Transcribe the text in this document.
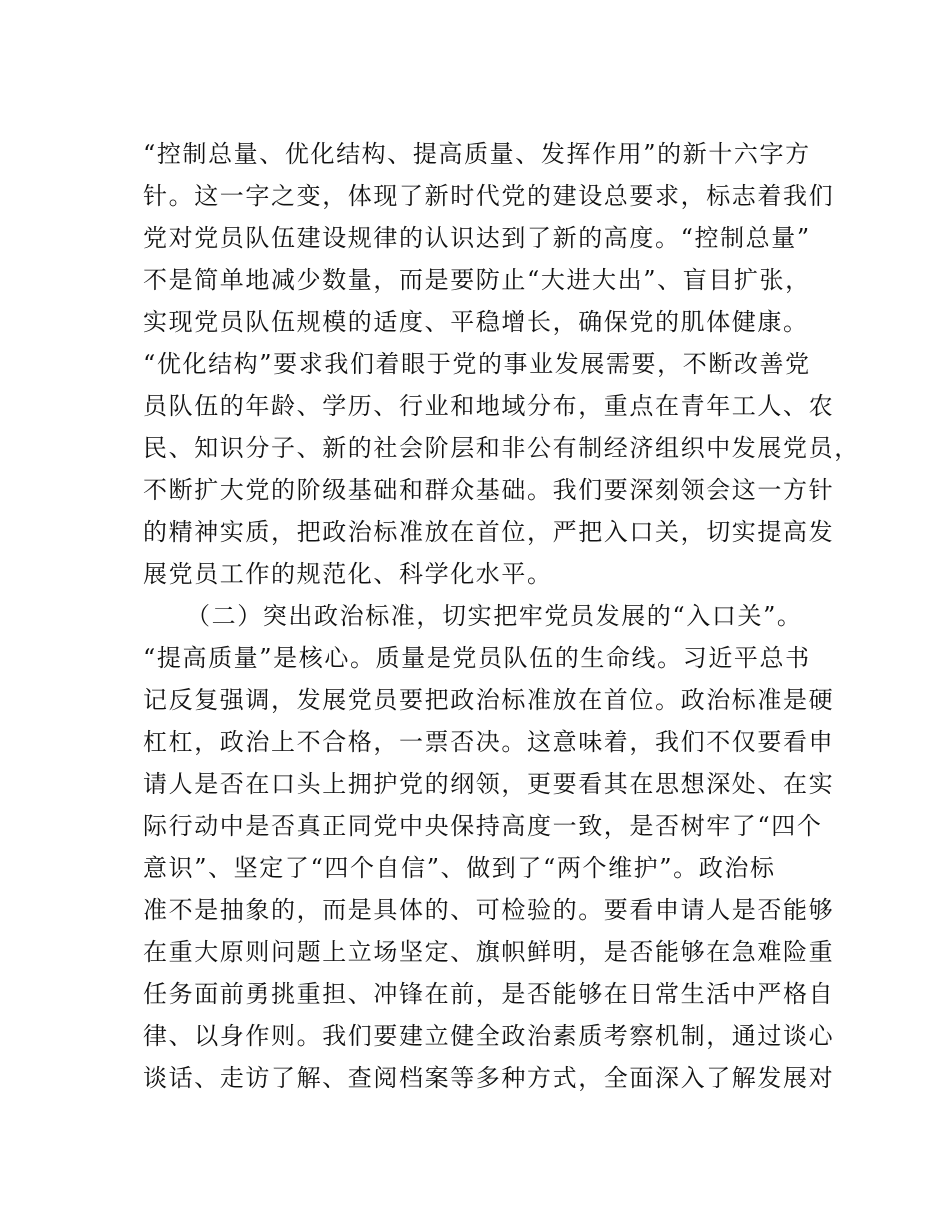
“控制总量、优化结构、提高质量、发挥作用”的新十六字方
针。这一字之变，体现了新时代党的建设总要求，标志着我们
党对党员队伍建设规律的认识达到了新的高度。“控制总量”
不是简单地减少数量，而是要防止“大进大出”、盲目扩张，
实现党员队伍规模的适度、平稳增长，确保党的肌体健康。
“优化结构”要求我们着眼于党的事业发展需要，不断改善党
员队伍的年龄、学历、行业和地域分布，重点在青年工人、农
民、知识分子、新的社会阶层和非公有制经济组织中发展党员，
不断扩大党的阶级基础和群众基础。我们要深刻领会这一方针
的精神实质，把政治标准放在首位，严把入口关，切实提高发
展党员工作的规范化、科学化水平。
（二）突出政治标准，切实把牢党员发展的“入口关”。
“提高质量”是核心。质量是党员队伍的生命线。习近平总书
记反复强调，发展党员要把政治标准放在首位。政治标准是硬
杠杠，政治上不合格，一票否决。这意味着，我们不仅要看申
请人是否在口头上拥护党的纲领，更要看其在思想深处、在实
际行动中是否真正同党中央保持高度一致，是否树牢了“四个
意识”、坚定了“四个自信”、做到了“两个维护”。政治标
准不是抽象的，而是具体的、可检验的。要看申请人是否能够
在重大原则问题上立场坚定、旗帜鲜明，是否能够在急难险重
任务面前勇挑重担、冲锋在前，是否能够在日常生活中严格自
律、以身作则。我们要建立健全政治素质考察机制，通过谈心
谈话、走访了解、查阅档案等多种方式，全面深入了解发展对
